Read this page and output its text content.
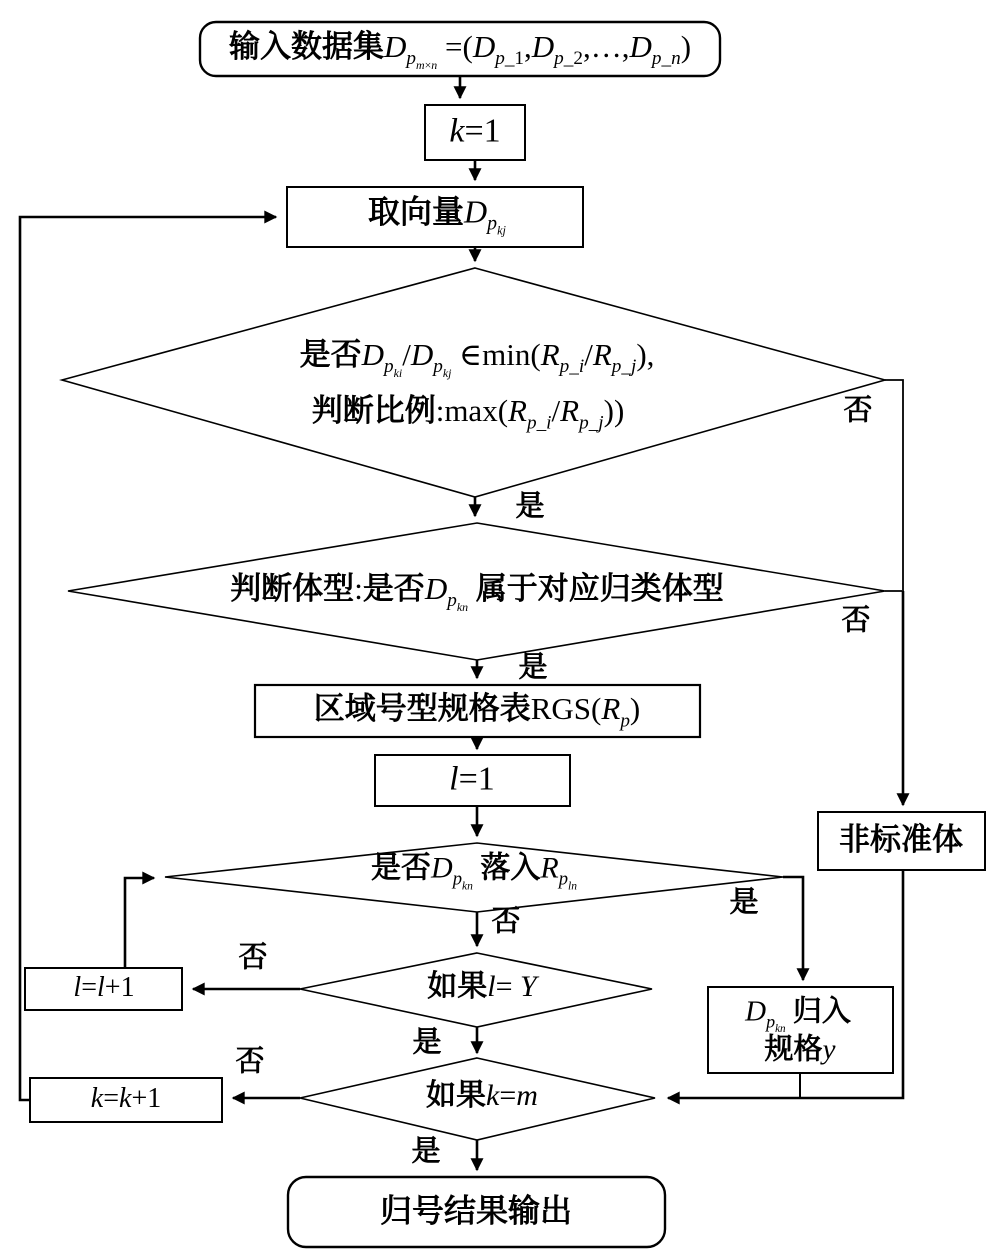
输入数据集$D_{p_{m\times n}}$ $=(D_{p\_1},D_{p\_2},\dots,D_{p\_n})$
k=1
取向量$D_{p_{kj}}$
是否$D_{p_{ki}}/D_{p_{kj}}$ $\in\min(R_{p\_i}/R_{p\_j})$,
判断比例$:\max(R_{p\_i}/R_{p\_j})$)
判断体型:是否$D_{p_{kn}}$ 属于对应归类体型
区域号型规格表$RGS(R_p)$
l=1
是否$D_{p_{kn}}$ 落入$R_{p_{ln}}$
如果l= Y
l=l+1
如果k=m
k=k+1
非标准体
$D_{p_{kn}}$ 归入
规格y
归号结果输出
否
是
否
是
否
是
否
是
否
是
